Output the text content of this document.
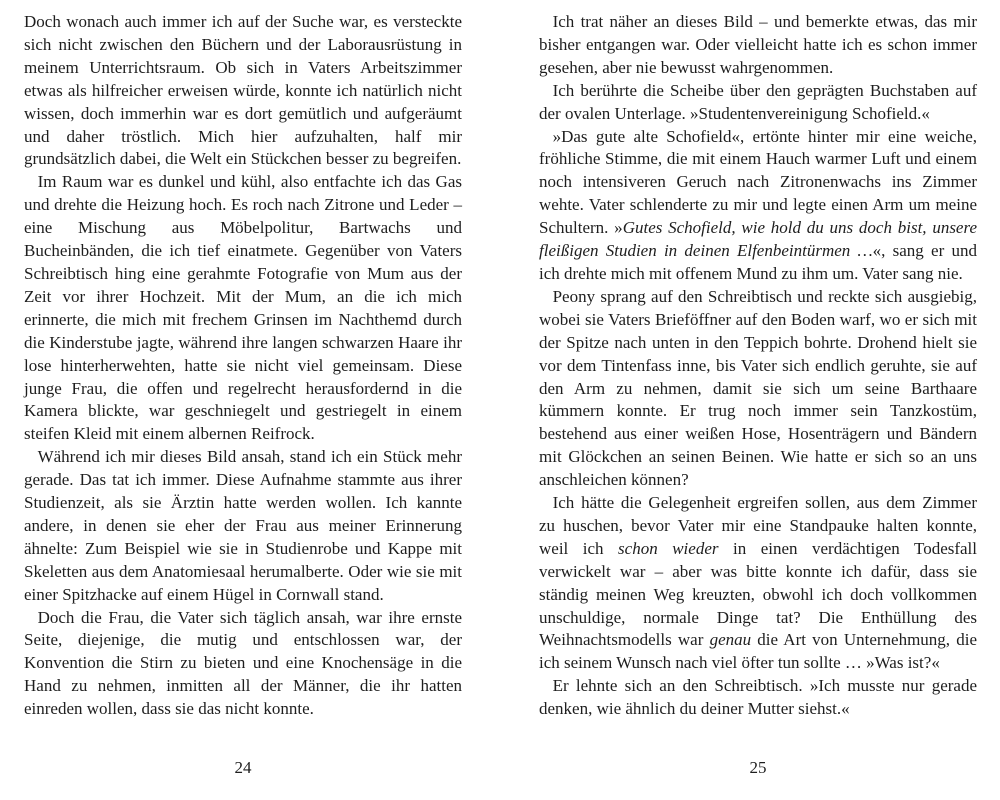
Doch wonach auch immer ich auf der Suche war, es versteckte sich nicht zwischen den Büchern und der Laborausrüstung in meinem Unterrichtsraum. Ob sich in Vaters Arbeitszimmer etwas als hilfreicher erweisen würde, konnte ich natürlich nicht wissen, doch immerhin war es dort gemütlich und aufgeräumt und daher tröstlich. Mich hier aufzuhalten, half mir grundsätzlich dabei, die Welt ein Stückchen besser zu begreifen.

Im Raum war es dunkel und kühl, also entfachte ich das Gas und drehte die Heizung hoch. Es roch nach Zitrone und Leder – eine Mischung aus Möbelpolitur, Bartwachs und Bucheinbänden, die ich tief einatmete. Gegenüber von Vaters Schreibtisch hing eine gerahmte Fotografie von Mum aus der Zeit vor ihrer Hochzeit. Mit der Mum, an die ich mich erinnerte, die mich mit frechem Grinsen im Nachthemd durch die Kinderstube jagte, während ihre langen schwarzen Haare ihr lose hinterherwehten, hatte sie nicht viel gemeinsam. Diese junge Frau, die offen und regelrecht herausfordernd in die Kamera blickte, war geschniegelt und gestriegelt in einem steifen Kleid mit einem albernen Reifrock.

Während ich mir dieses Bild ansah, stand ich ein Stück mehr gerade. Das tat ich immer. Diese Aufnahme stammte aus ihrer Studienzeit, als sie Ärztin hatte werden wollen. Ich kannte andere, in denen sie eher der Frau aus meiner Erinnerung ähnelte: Zum Beispiel wie sie in Studienrobe und Kappe mit Skeletten aus dem Anatomiesaal herumalberte. Oder wie sie mit einer Spitzhacke auf einem Hügel in Cornwall stand.

Doch die Frau, die Vater sich täglich ansah, war ihre ernste Seite, diejenige, die mutig und entschlossen war, der Konvention die Stirn zu bieten und eine Knochensäge in die Hand zu nehmen, inmitten all der Männer, die ihr hatten einreden wollen, dass sie das nicht konnte.

24

Ich trat näher an dieses Bild – und bemerkte etwas, das mir bisher entgangen war. Oder vielleicht hatte ich es schon immer gesehen, aber nie bewusst wahrgenommen.

Ich berührte die Scheibe über den geprägten Buchstaben auf der ovalen Unterlage. »Studentenvereinigung Schofield.«

»Das gute alte Schofield«, ertönte hinter mir eine weiche, fröhliche Stimme, die mit einem Hauch warmer Luft und einem noch intensiveren Geruch nach Zitronenwachs ins Zimmer wehte. Vater schlenderte zu mir und legte einen Arm um meine Schultern. »Gutes Schofield, wie hold du uns doch bist, unsere fleißigen Studien in deinen Elfenbeintürmen …«, sang er und ich drehte mich mit offenem Mund zu ihm um. Vater sang nie.

Peony sprang auf den Schreibtisch und reckte sich ausgiebig, wobei sie Vaters Brieföffner auf den Boden warf, wo er sich mit der Spitze nach unten in den Teppich bohrte. Drohend hielt sie vor dem Tintenfass inne, bis Vater sich endlich geruhte, sie auf den Arm zu nehmen, damit sie sich um seine Barthaare kümmern konnte. Er trug noch immer sein Tanzkostüm, bestehend aus einer weißen Hose, Hosenträgern und Bändern mit Glöckchen an seinen Beinen. Wie hatte er sich so an uns anschleichen können?

Ich hätte die Gelegenheit ergreifen sollen, aus dem Zimmer zu huschen, bevor Vater mir eine Standpauke halten konnte, weil ich schon wieder in einen verdächtigen Todesfall verwickelt war – aber was bitte konnte ich dafür, dass sie ständig meinen Weg kreuzten, obwohl ich doch vollkommen unschuldige, normale Dinge tat? Die Enthüllung des Weihnachtsmodells war genau die Art von Unternehmung, die ich seinem Wunsch nach viel öfter tun sollte … »Was ist?«

Er lehnte sich an den Schreibtisch. »Ich musste nur gerade denken, wie ähnlich du deiner Mutter siehst.«

25
